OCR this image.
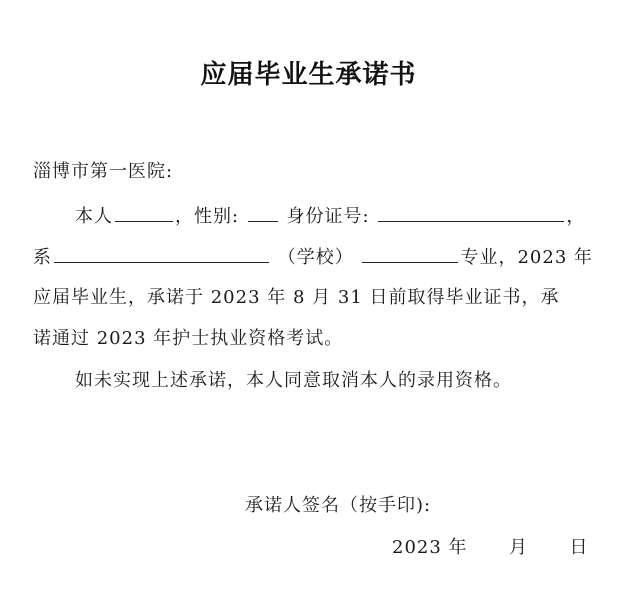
应届毕业生承诺书
淄博市第一医院:
本人	，性别:	身份证号:	，
系	（学校）	专业，2023 年
应届毕业生，承诺于 2023 年 8 月 31 日前取得毕业证书，承
诺通过 2023 年护士执业资格考试。
如未实现上述承诺，本人同意取消本人的录用资格。
承诺人签名（按手印):
2023 年 月 日
